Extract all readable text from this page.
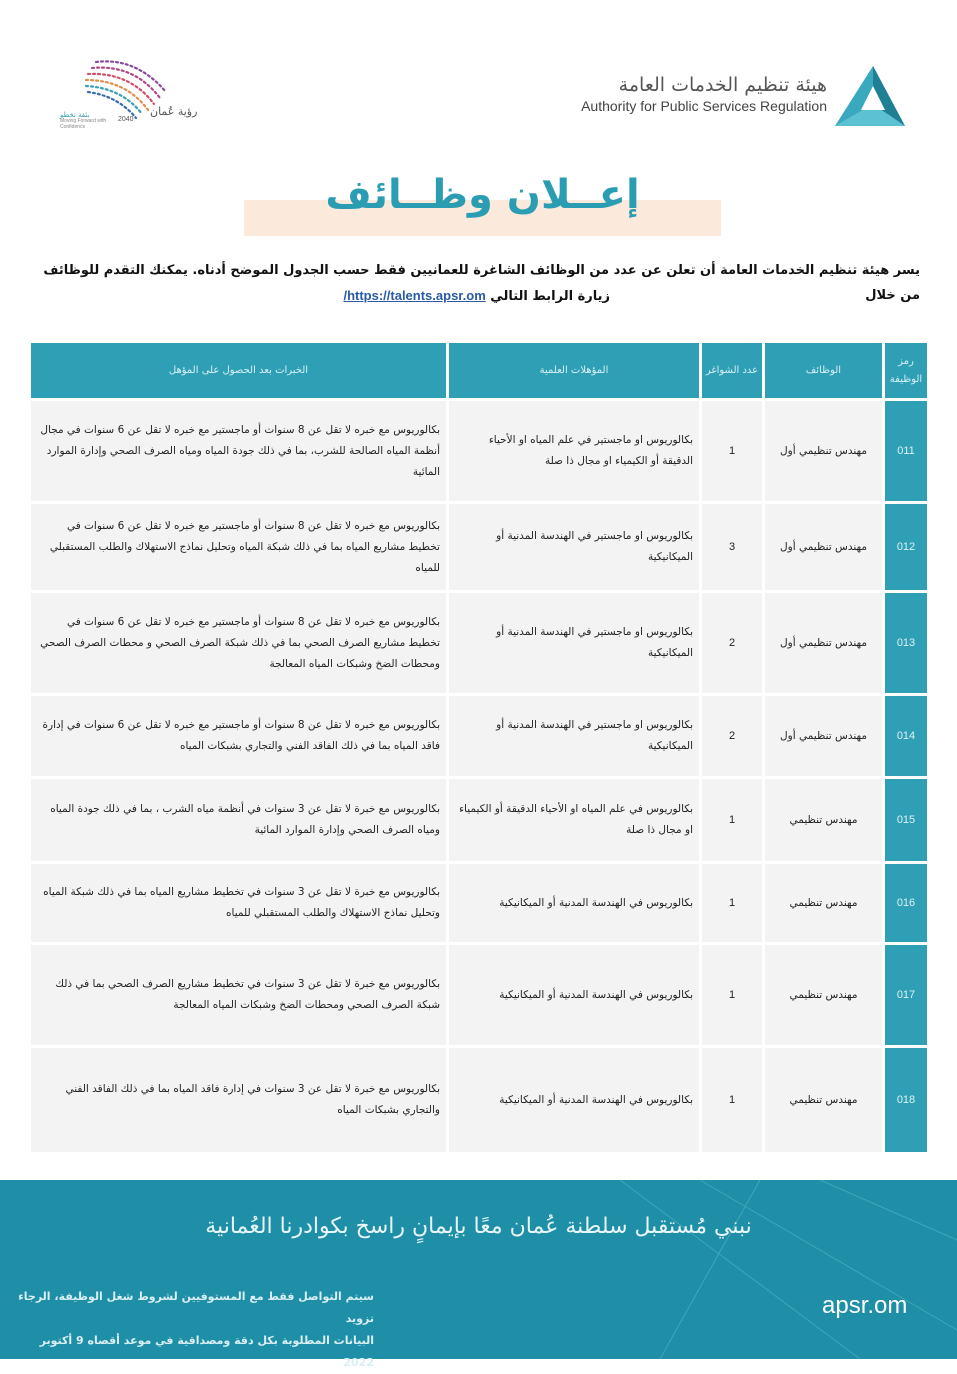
هيئة تنظيم الخدمات العامة
Authority for Public Services Regulation
رؤية عُمان
2040
بثقة نخطو
Moving Forward with Confidence
إعــلان وظــائف
يسر هيئة تنظيم الخدمات العامة أن تعلن عن عدد من الوظائف الشاغرة للعمانيين فقط حسب الجدول الموضح أدناه. يمكنك التقدم للوظائف من خلال
زيارة الرابط التالي https://talents.apsr.om/
رمز الوظيفة	الوظائف	عدد الشواغر	المؤهلات العلمية	الخبرات بعد الحصول على المؤهل
011	مهندس تنظيمي أول	1	بكالوريوس او ماجستير في علم المياه او الأحياء الدقيقة أو الكيمياء او مجال ذا صلة	بكالوريوس مع خبره لا تقل عن 8 سنوات أو ماجستير مع خبره لا تقل عن 6 سنوات في مجال أنظمة المياه الصالحة للشرب، بما في ذلك جودة المياه ومياه الصرف الصحي وإدارة الموارد المائية
012	مهندس تنظيمي أول	3	بكالوريوس او ماجستير في الهندسة المدنية أو الميكانيكية	بكالوريوس مع خبره لا تقل عن 8 سنوات أو ماجستير مع خبره لا تقل عن 6 سنوات في تخطيط مشاريع المياه بما في ذلك شبكة المياه وتحليل نماذج الاستهلاك والطلب المستقبلي للمياه
013	مهندس تنظيمي أول	2	بكالوريوس او ماجستير في الهندسة المدنية أو الميكانيكية	بكالوريوس مع خبره لا تقل عن 8 سنوات أو ماجستير مع خبره لا تقل عن 6 سنوات في تخطيط مشاريع الصرف الصحي بما في ذلك شبكة الصرف الصحي و محطات الصرف الصحي ومحطات الضخ وشبكات المياه المعالجة
014	مهندس تنظيمي أول	2	بكالوريوس او ماجستير في الهندسة المدنية أو الميكانيكية	بكالوريوس مع خبره لا تقل عن 8 سنوات أو ماجستير مع خبره لا تقل عن 6 سنوات في إدارة فاقد المياه بما في ذلك الفاقد الفني والتجاري بشبكات المياه
015	مهندس تنظيمي	1	بكالوريوس في علم المياه او الأحياء الدقيقة أو الكيمياء او مجال ذا صلة	بكالوريوس مع خبرة لا تقل عن 3 سنوات في أنظمة مياه الشرب ، بما في ذلك جودة المياه ومياه الصرف الصحي وإدارة الموارد المائية
016	مهندس تنظيمي	1	بكالوريوس في الهندسة المدنية أو الميكانيكية	بكالوريوس مع خبرة لا تقل عن 3 سنوات في تخطيط مشاريع المياه بما في ذلك شبكة المياه وتحليل نماذج الاستهلاك والطلب المستقبلي للمياه
017	مهندس تنظيمي	1	بكالوريوس في الهندسة المدنية أو الميكانيكية	بكالوريوس مع خبرة لا تقل عن 3 سنوات في تخطيط مشاريع الصرف الصحي بما في ذلك شبكة الصرف الصحي ومحطات الضخ وشبكات المياه المعالجة
018	مهندس تنظيمي	1	بكالوريوس في الهندسة المدنية أو الميكانيكية	بكالوريوس مع خبرة لا تقل عن 3 سنوات في إدارة فاقد المياه بما في ذلك الفاقد الفني والتجاري بشبكات المياه
نبني مُستقبل سلطنة عُمان معًا بإيمانٍ راسخ بكوادرنا العُمانية
سيتم التواصل فقط مع المستوفيين لشروط شغل الوظيفة، الرجاء تزويد
البيانات المطلوبة بكل دقة ومصداقية في موعد أقصاه 9 أكتوبر 2022
apsr.om
